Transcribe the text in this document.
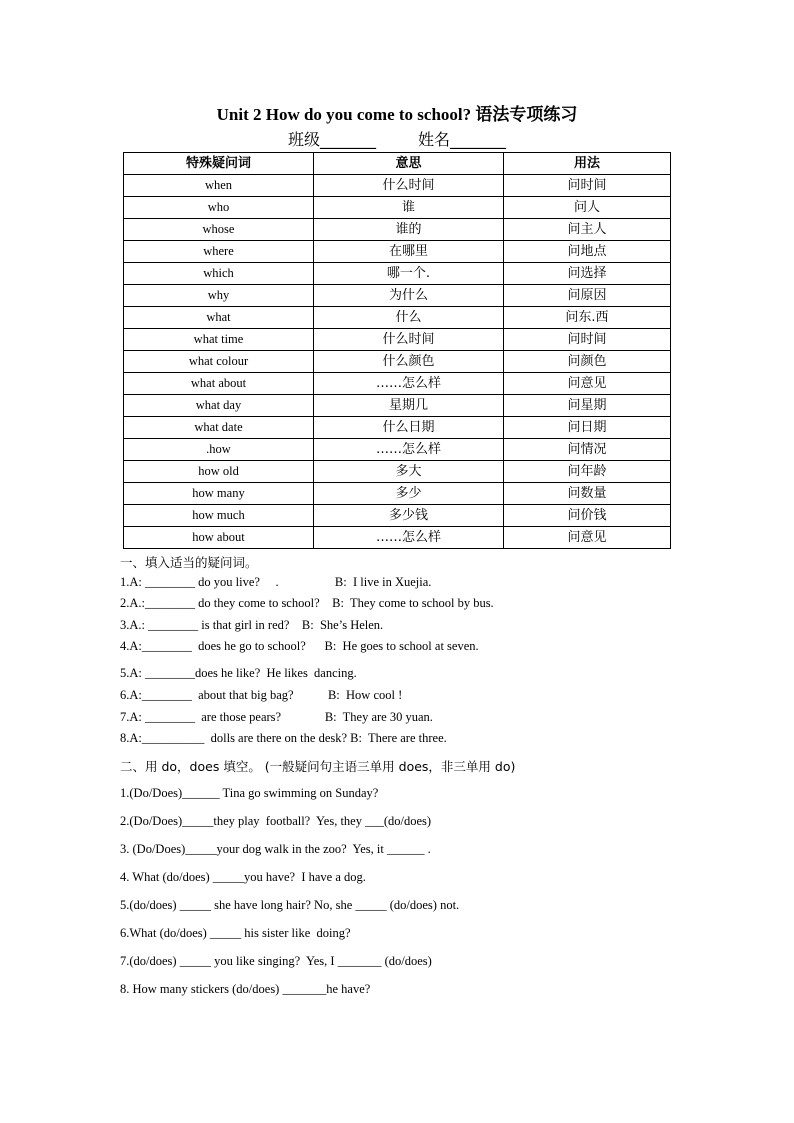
Unit 2 How do you come to school? 语法专项练习
班级_______	姓名_______
特殊疑问词	意思	用法
when	什么时间	问时间
who	谁	问人
whose	谁的	问主人
where	在哪里	问地点
which	哪一个.	问选择
why	为什么	问原因
what	什么	问东.西
what time	什么时间	问时间
what colour	什么颜色	问颜色
what about	……怎么样	问意见
what day	星期几	问星期
what date	什么日期	问日期
.how	……怎么样	问情况
how old	多大	问年龄
how many	多少	问数量
how much	多少钱	问价钱
how about	……怎么样	问意见
一、填入适当的疑问词。
1.A: ________ do you live?     .                  B:  I live in Xuejia.
2.A.:________ do they come to school?    B:  They come to school by bus.
3.A.: ________ is that girl in red?    B:  She’s Helen.
4.A:________  does he go to school?      B:  He goes to school at seven.
5.A: ________does he like?  He likes  dancing.
6.A:________  about that big bag?           B:  How cool !
7.A: ________  are those pears?              B:  They are 30 yuan.
8.A:__________  dolls are there on the desk? B:  There are three.
二、用 do，does 填空。 (一般疑问句主语三单用 does，非三单用 do)
1.(Do/Does)______ Tina go swimming on Sunday?
2.(Do/Does)_____they play  football?  Yes, they ___(do/does)
3. (Do/Does)_____your dog walk in the zoo?  Yes, it ______ .
4. What (do/does) _____you have?  I have a dog.
5.(do/does) _____ she have long hair? No, she _____ (do/does) not.
6.What (do/does) _____ his sister like  doing?
7.(do/does) _____ you like singing?  Yes, I _______ (do/does)
8. How many stickers (do/does) _______he have?
